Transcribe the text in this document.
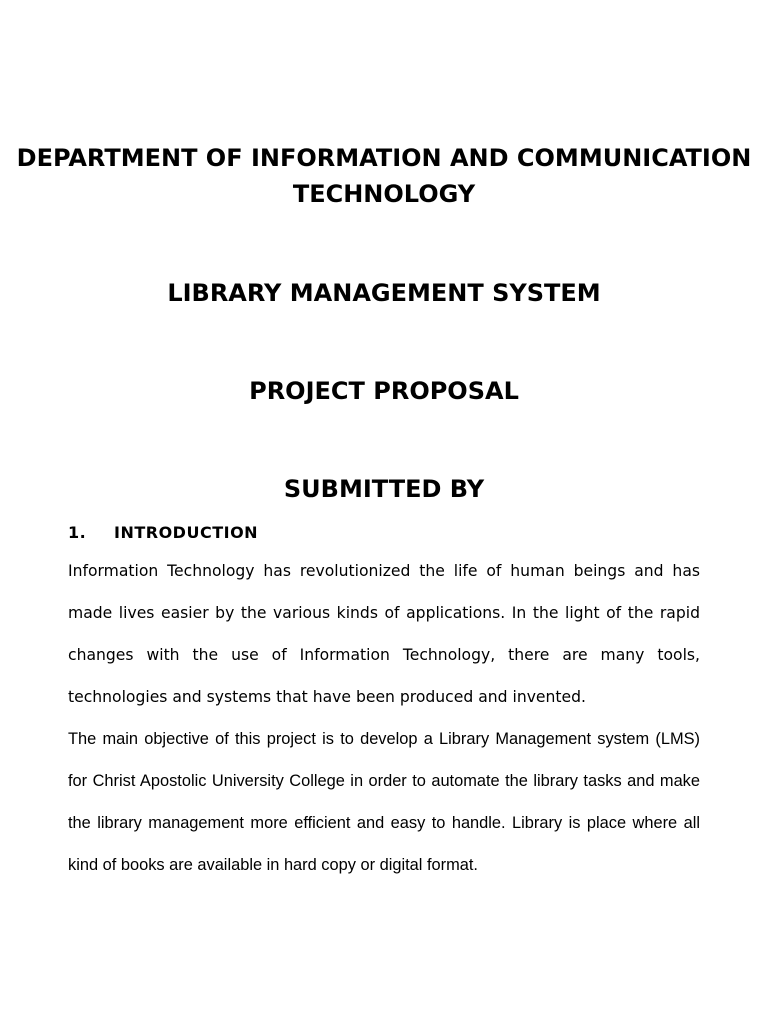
DEPARTMENT OF INFORMATION AND COMMUNICATION TECHNOLOGY
LIBRARY MANAGEMENT SYSTEM
PROJECT PROPOSAL
SUBMITTED BY
1. INTRODUCTION

Information Technology has revolutionized the life of human beings and has made lives easier by the various kinds of applications. In the light of the rapid changes with the use of Information Technology, there are many tools, technologies and systems that have been produced and invented.

The main objective of this project is to develop a Library Management system (LMS) for Christ Apostolic University College in order to automate the library tasks and make the library management more efficient and easy to handle. Library is place where all kind of books are available in hard copy or digital format.
